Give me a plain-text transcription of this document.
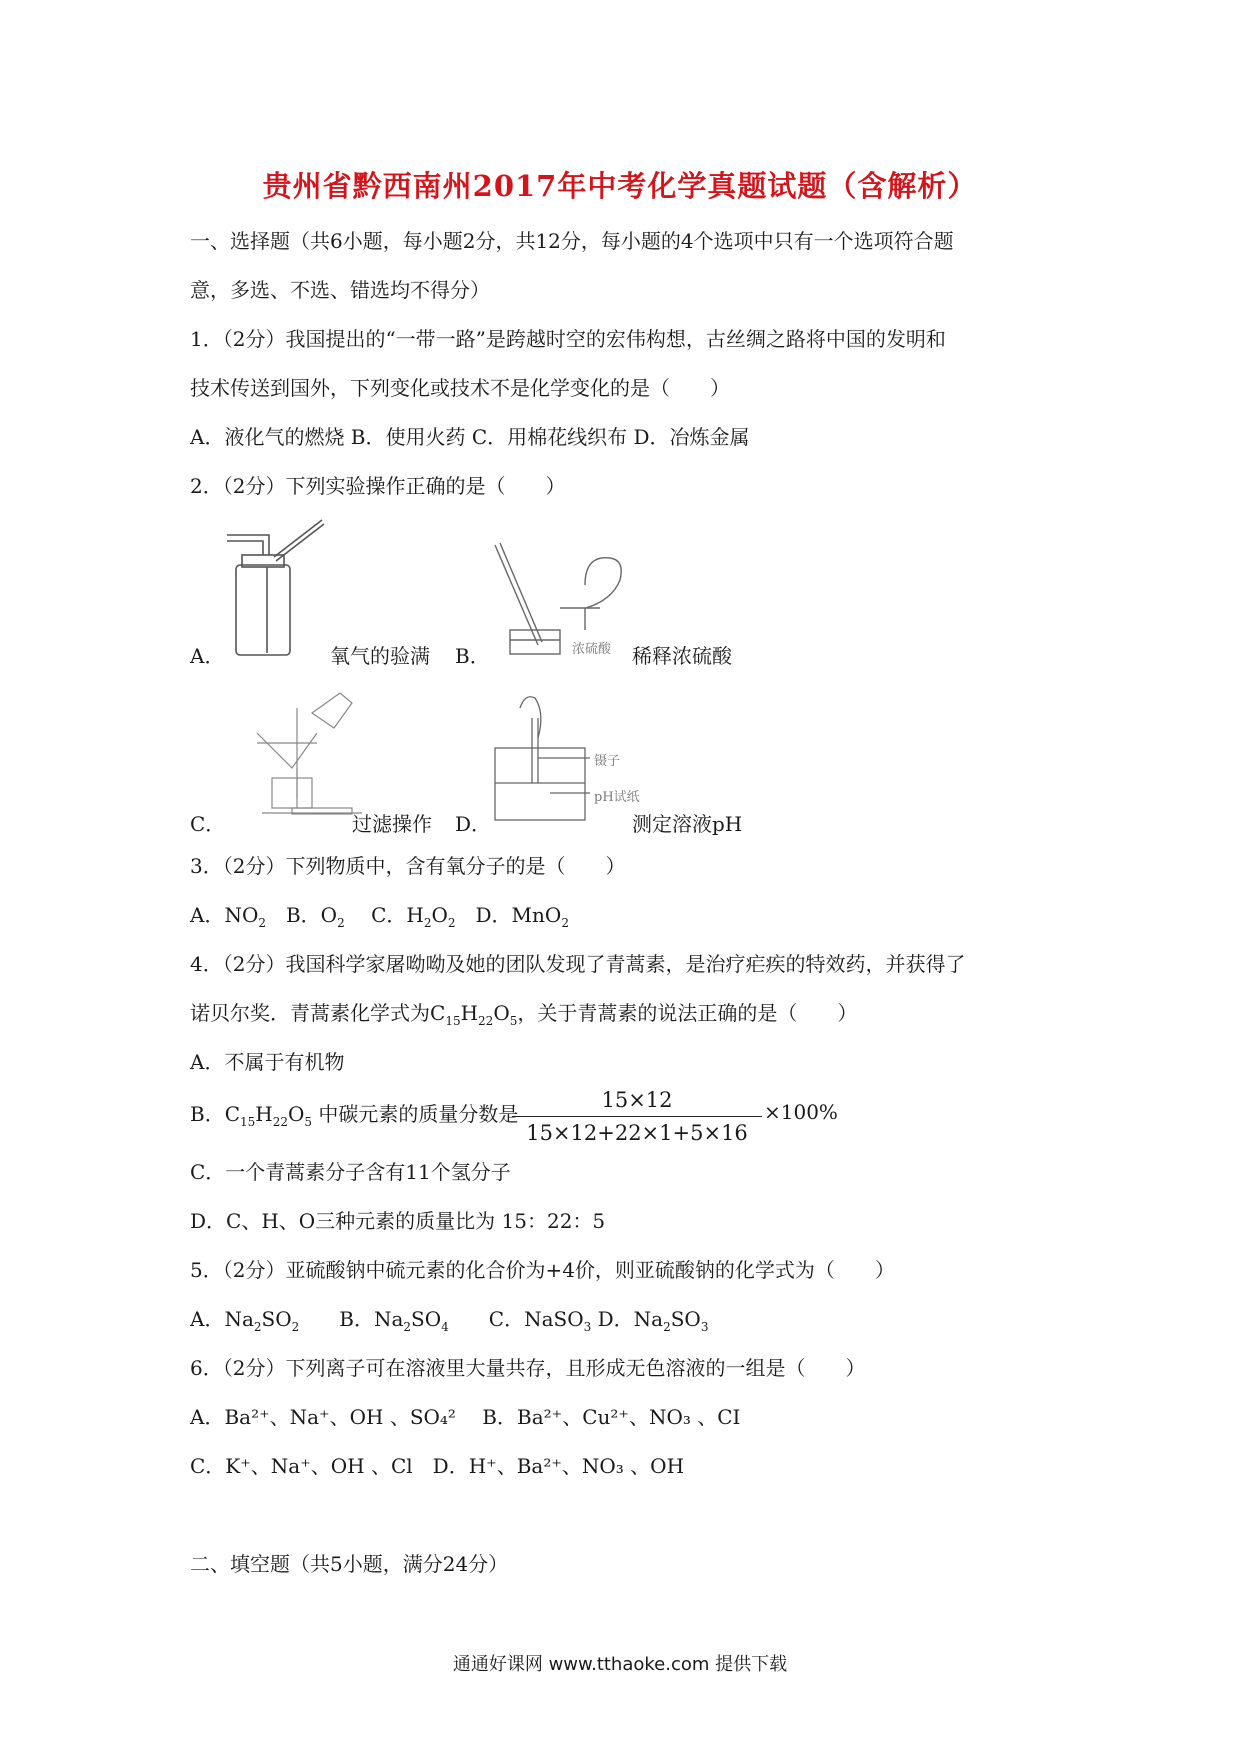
贵州省黔西南州2017年中考化学真题试题（含解析）
一、选择题（共6小题，每小题2分，共12分，每小题的4个选项中只有一个选项符合题
意，多选、不选、错选均不得分）
1．（2分）我国提出的“一带一路”是跨越时空的宏伟构想，古丝绸之路将中国的发明和
技术传送到国外，下列变化或技术不是化学变化的是（　　）
A．液化气的燃烧 B．使用火药 C．用棉花线织布 D．冶炼金属
2．（2分）下列实验操作正确的是（　　）
A．	氧气的验满	浓硫酸
B．	稀释浓硫酸
C．	过滤操作
镊子
pH试纸
D．	测定溶液pH
3．（2分）下列物质中，含有氧分子的是（　　）
A．$NO_2$　B．$O_2$　 C．$H_2O_2$　D．MnO$_2$
4．（2分）我国科学家屠呦呦及她的团队发现了青蒿素，是治疗疟疾的特效药，并获得了
诺贝尔奖．青蒿素化学式为$C_{15}H_{22}O_5$，关于青蒿素的说法正确的是（　　）
A．不属于有机物
B．$C_{15}H_{22}O_5$ 中碳元素的质量分数是
15×12
15×12+22×1+5×16
×100%
C．一个青蒿素分子含有11个氢分子
D．C、H、O三种元素的质量比为 15：22：5
5．（2分）亚硫酸钠中硫元素的化合价为+4价，则亚硫酸钠的化学式为（　　）
A．$Na_2SO_2$　　B．$Na_2SO_4$　　C．NaSO$_3$ D．$Na_2SO_3$
6．（2分）下列离子可在溶液里大量共存，且形成无色溶液的一组是（　　）
A．Ba²⁺、Na⁺、OH 、SO₄²　 B．Ba²⁺、Cu²⁺、NO₃ 、CI
C．K⁺、Na⁺、OH 、Cl　D．H⁺、Ba²⁺、NO₃ 、OH
二、填空题（共5小题，满分24分）
通通好课网 www.tthaoke.com 提供下载
